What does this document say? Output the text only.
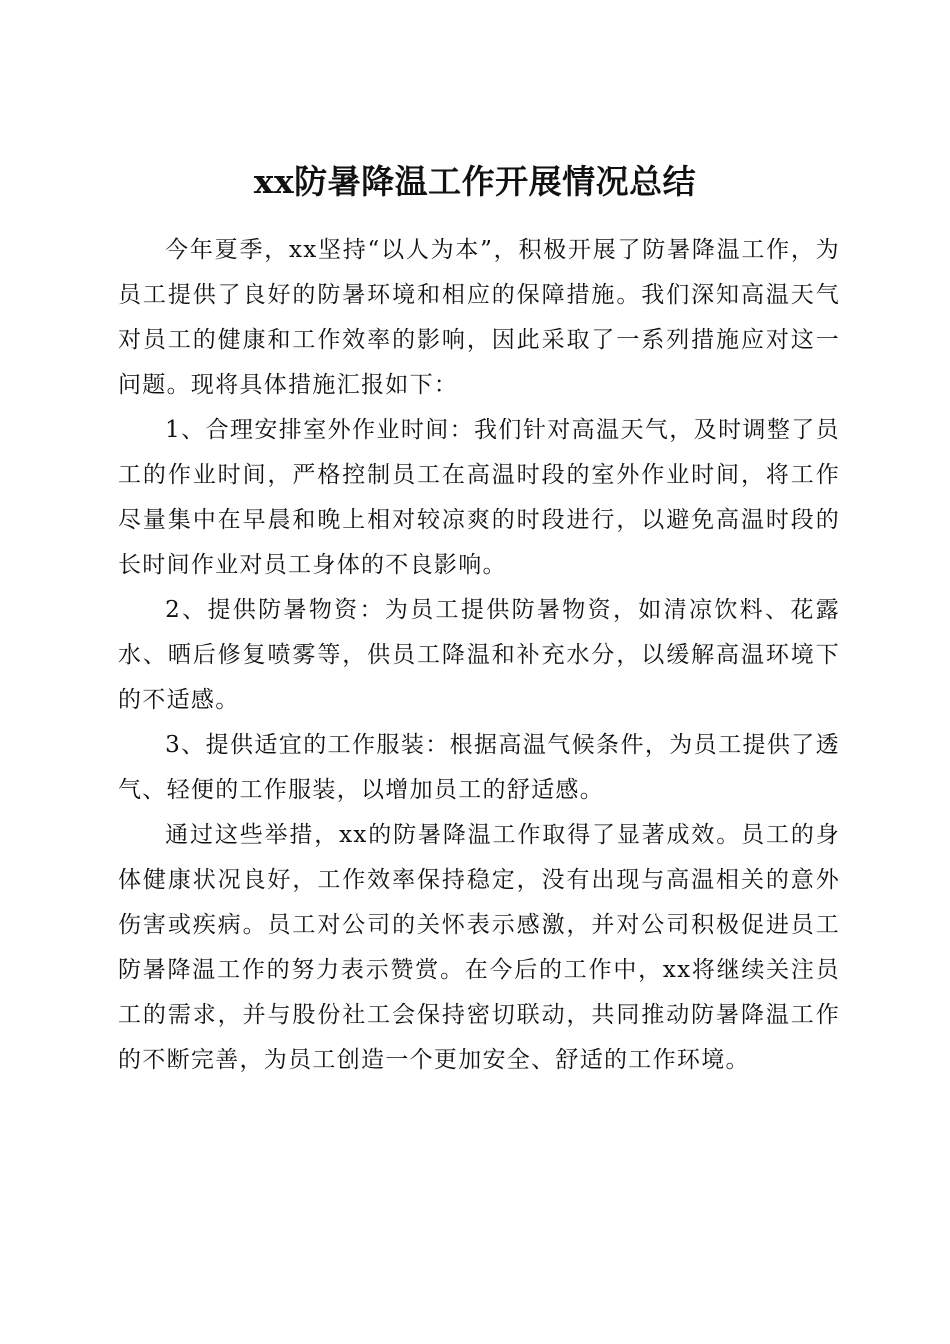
xx防暑降温工作开展情况总结

今年夏季，xx坚持“以人为本”，积极开展了防暑降温工作，为员工提供了良好的防暑环境和相应的保障措施。我们深知高温天气对员工的健康和工作效率的影响，因此采取了一系列措施应对这一问题。现将具体措施汇报如下：

1、合理安排室外作业时间：我们针对高温天气，及时调整了员工的作业时间，严格控制员工在高温时段的室外作业时间，将工作尽量集中在早晨和晚上相对较凉爽的时段进行，以避免高温时段的长时间作业对员工身体的不良影响。

2、提供防暑物资：为员工提供防暑物资，如清凉饮料、花露水、晒后修复喷雾等，供员工降温和补充水分，以缓解高温环境下的不适感。

3、提供适宜的工作服装：根据高温气候条件，为员工提供了透气、轻便的工作服装，以增加员工的舒适感。

通过这些举措，xx的防暑降温工作取得了显著成效。员工的身体健康状况良好，工作效率保持稳定，没有出现与高温相关的意外伤害或疾病。员工对公司的关怀表示感激，并对公司积极促进员工防暑降温工作的努力表示赞赏。在今后的工作中，xx将继续关注员工的需求，并与股份社工会保持密切联动，共同推动防暑降温工作的不断完善，为员工创造一个更加安全、舒适的工作环境。
